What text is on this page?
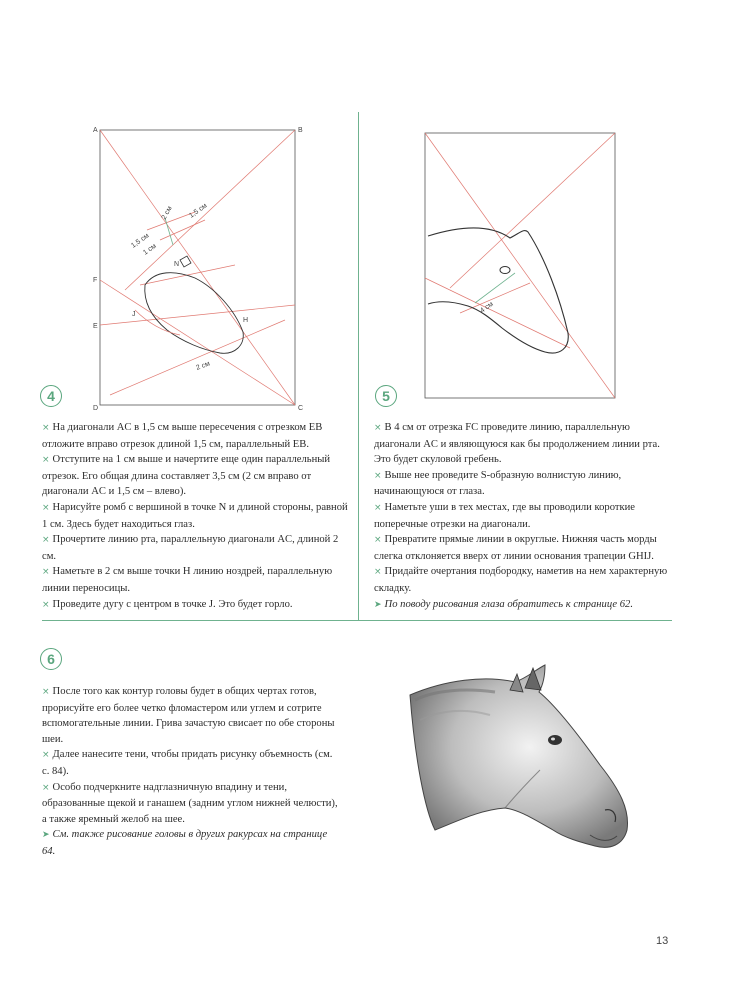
A	B
C
D
E
F
N
J
H
1,5 см
1,5 см
1 см
2 см
2 см
4 см
4

× На диагонали AC в 1,5 см выше пересечения с отрезком EB отложите вправо отрезок длиной 1,5 см, параллельный EB.

× Отступите на 1 см выше и начертите еще один параллельный отрезок. Его общая длина составляет 3,5 см (2 см вправо от диагонали AC и 1,5 см – влево).

× Нарисуйте ромб с вершиной в точке N и длиной стороны, равной 1 см. Здесь будет находиться глаз.

× Прочертите линию рта, параллельную диагонали AC, длиной 2 см.

× Наметьте в 2 см выше точки H линию ноздрей, параллельную линии переносицы.

× Проведите дугу с центром в точке J. Это будет горло.

5

× В 4 см от отрезка FC проведите линию, параллельную диагонали AC и являющуюся как бы продолжением линии рта. Это будет скуловой гребень.

× Выше нее проведите S-образную волнистую линию, начинающуюся от глаза.

× Наметьте уши в тех местах, где вы проводили короткие поперечные отрезки на диагонали.

× Превратите прямые линии в округлые. Нижняя часть морды слегка отклоняется вверх от линии основания трапеции GHIJ.

× Придайте очертания подбородку, наметив на нем характерную складку.

➤ По поводу рисования глаза обратитесь к странице 62.

6

× После того как контур головы будет в общих чертах готов, прорисуйте его более четко фломастером или углем и сотрите вспомогательные линии. Грива зачастую свисает по обе стороны шеи.

× Далее нанесите тени, чтобы придать рисунку объемность (см. с. 84).

× Особо подчеркните надглазничную впадину и тени, образованные щекой и ганашем (задним углом нижней челюсти), а также яремный желоб на шее.

➤ См. также рисование головы в других ракурсах на странице 64.

13
